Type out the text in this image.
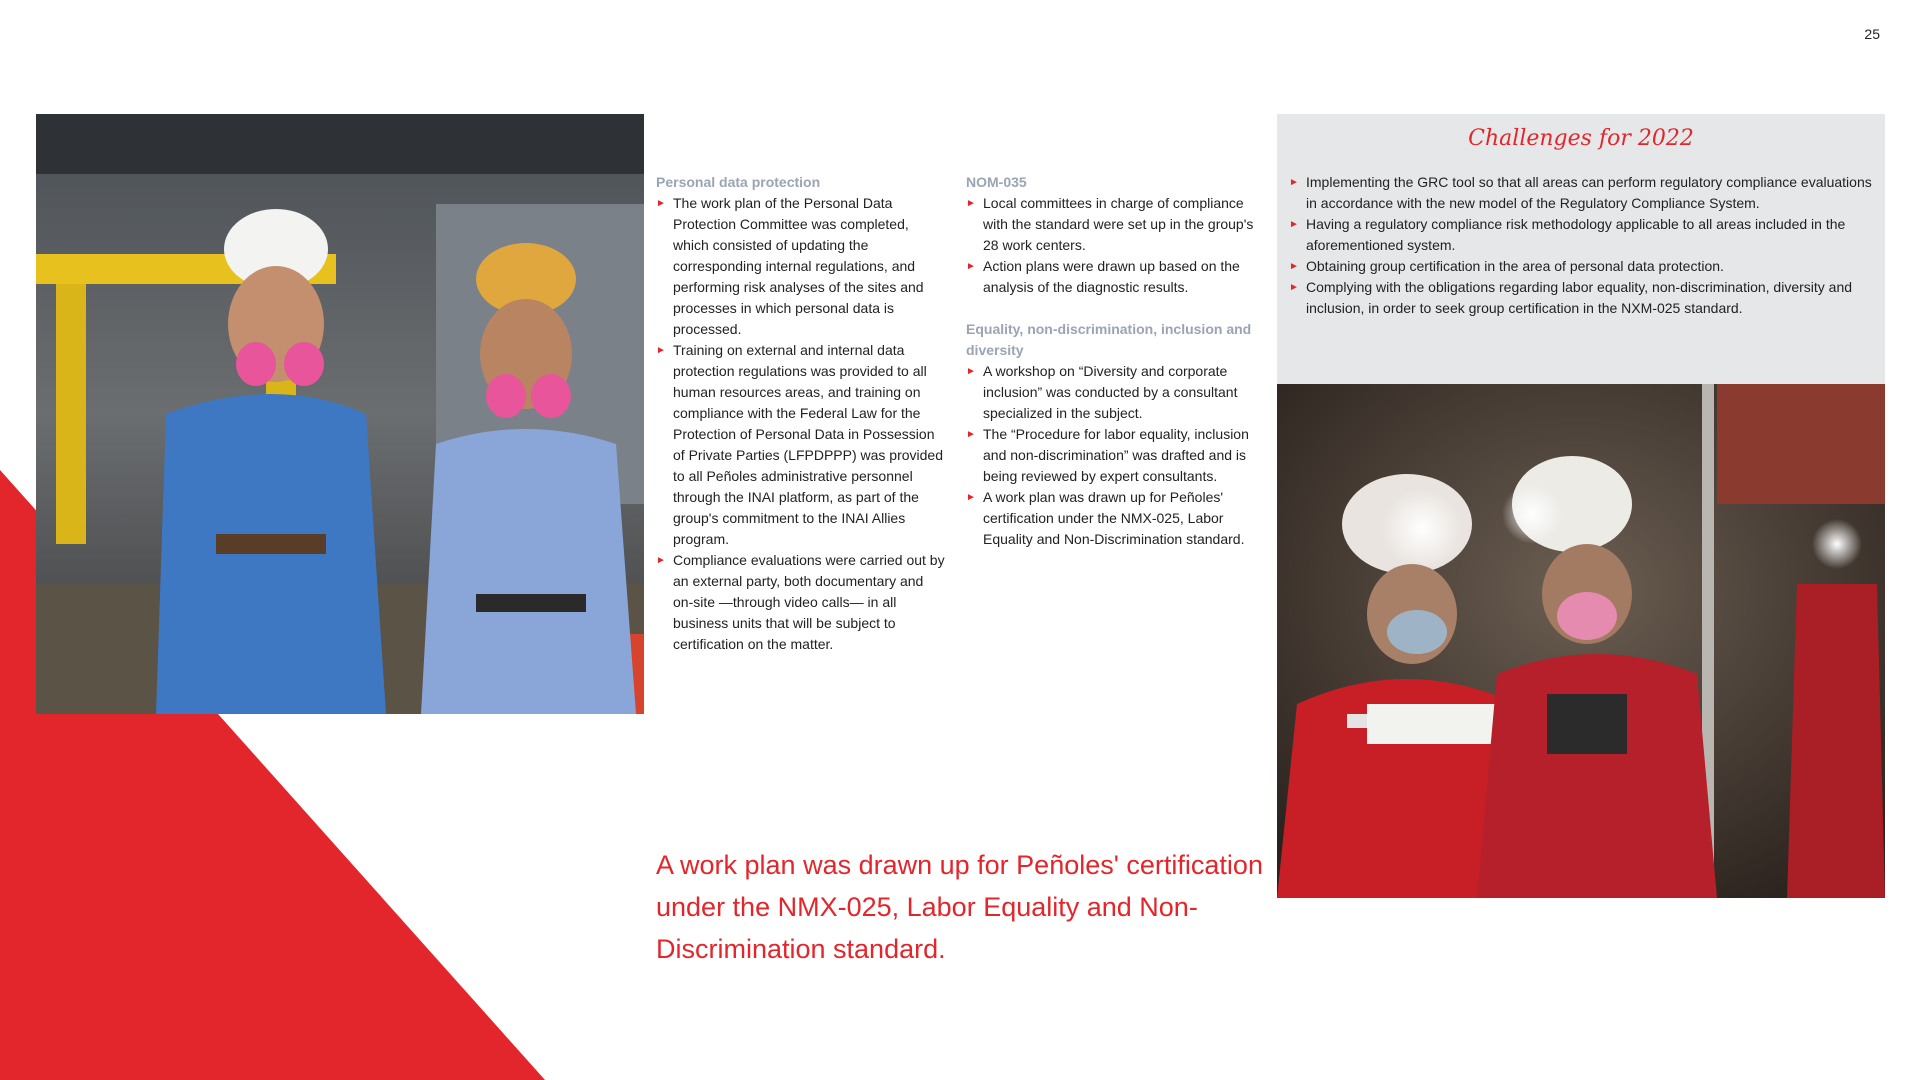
25
Personal data protection
► The work plan of the Personal Data Protection Committee was completed, which consisted of updating the corresponding internal regulations, and performing risk analyses of the sites and processes in which personal data is processed.
► Training on external and internal data protection regulations was provided to all human resources areas, and training on compliance with the Federal Law for the Protection of Personal Data in Possession of Private Parties (LFPDPPP) was provided to all Peñoles administrative personnel through the INAI platform, as part of the group's commitment to the INAI Allies program.
► Compliance evaluations were carried out by an external party, both documentary and on-site —through video calls— in all business units that will be subject to certification on the matter.
NOM-035
► Local committees in charge of compliance with the standard were set up in the group's 28 work centers.
► Action plans were drawn up based on the analysis of the diagnostic results.
Equality, non-discrimination, inclusion and diversity
► A workshop on “Diversity and corporate inclusion” was conducted by a consultant specialized in the subject.
► The “Procedure for labor equality, inclusion and non-discrimination” was drafted and is being reviewed by expert consultants.
► A work plan was drawn up for Peñoles' certification under the NMX-025, Labor Equality and Non-Discrimination standard.
Challenges for 2022
► Implementing the GRC tool so that all areas can perform regulatory compliance evaluations in accordance with the new model of the Regulatory Compliance System.
► Having a regulatory compliance risk methodology applicable to all areas included in the aforementioned system.
► Obtaining group certification in the area of personal data protection.
► Complying with the obligations regarding labor equality, non-discrimination, diversity and inclusion, in order to seek group certification in the NXM-025 standard.
A work plan was drawn up for Peñoles' certification under the NMX-025, Labor Equality and Non-Discrimination standard.
